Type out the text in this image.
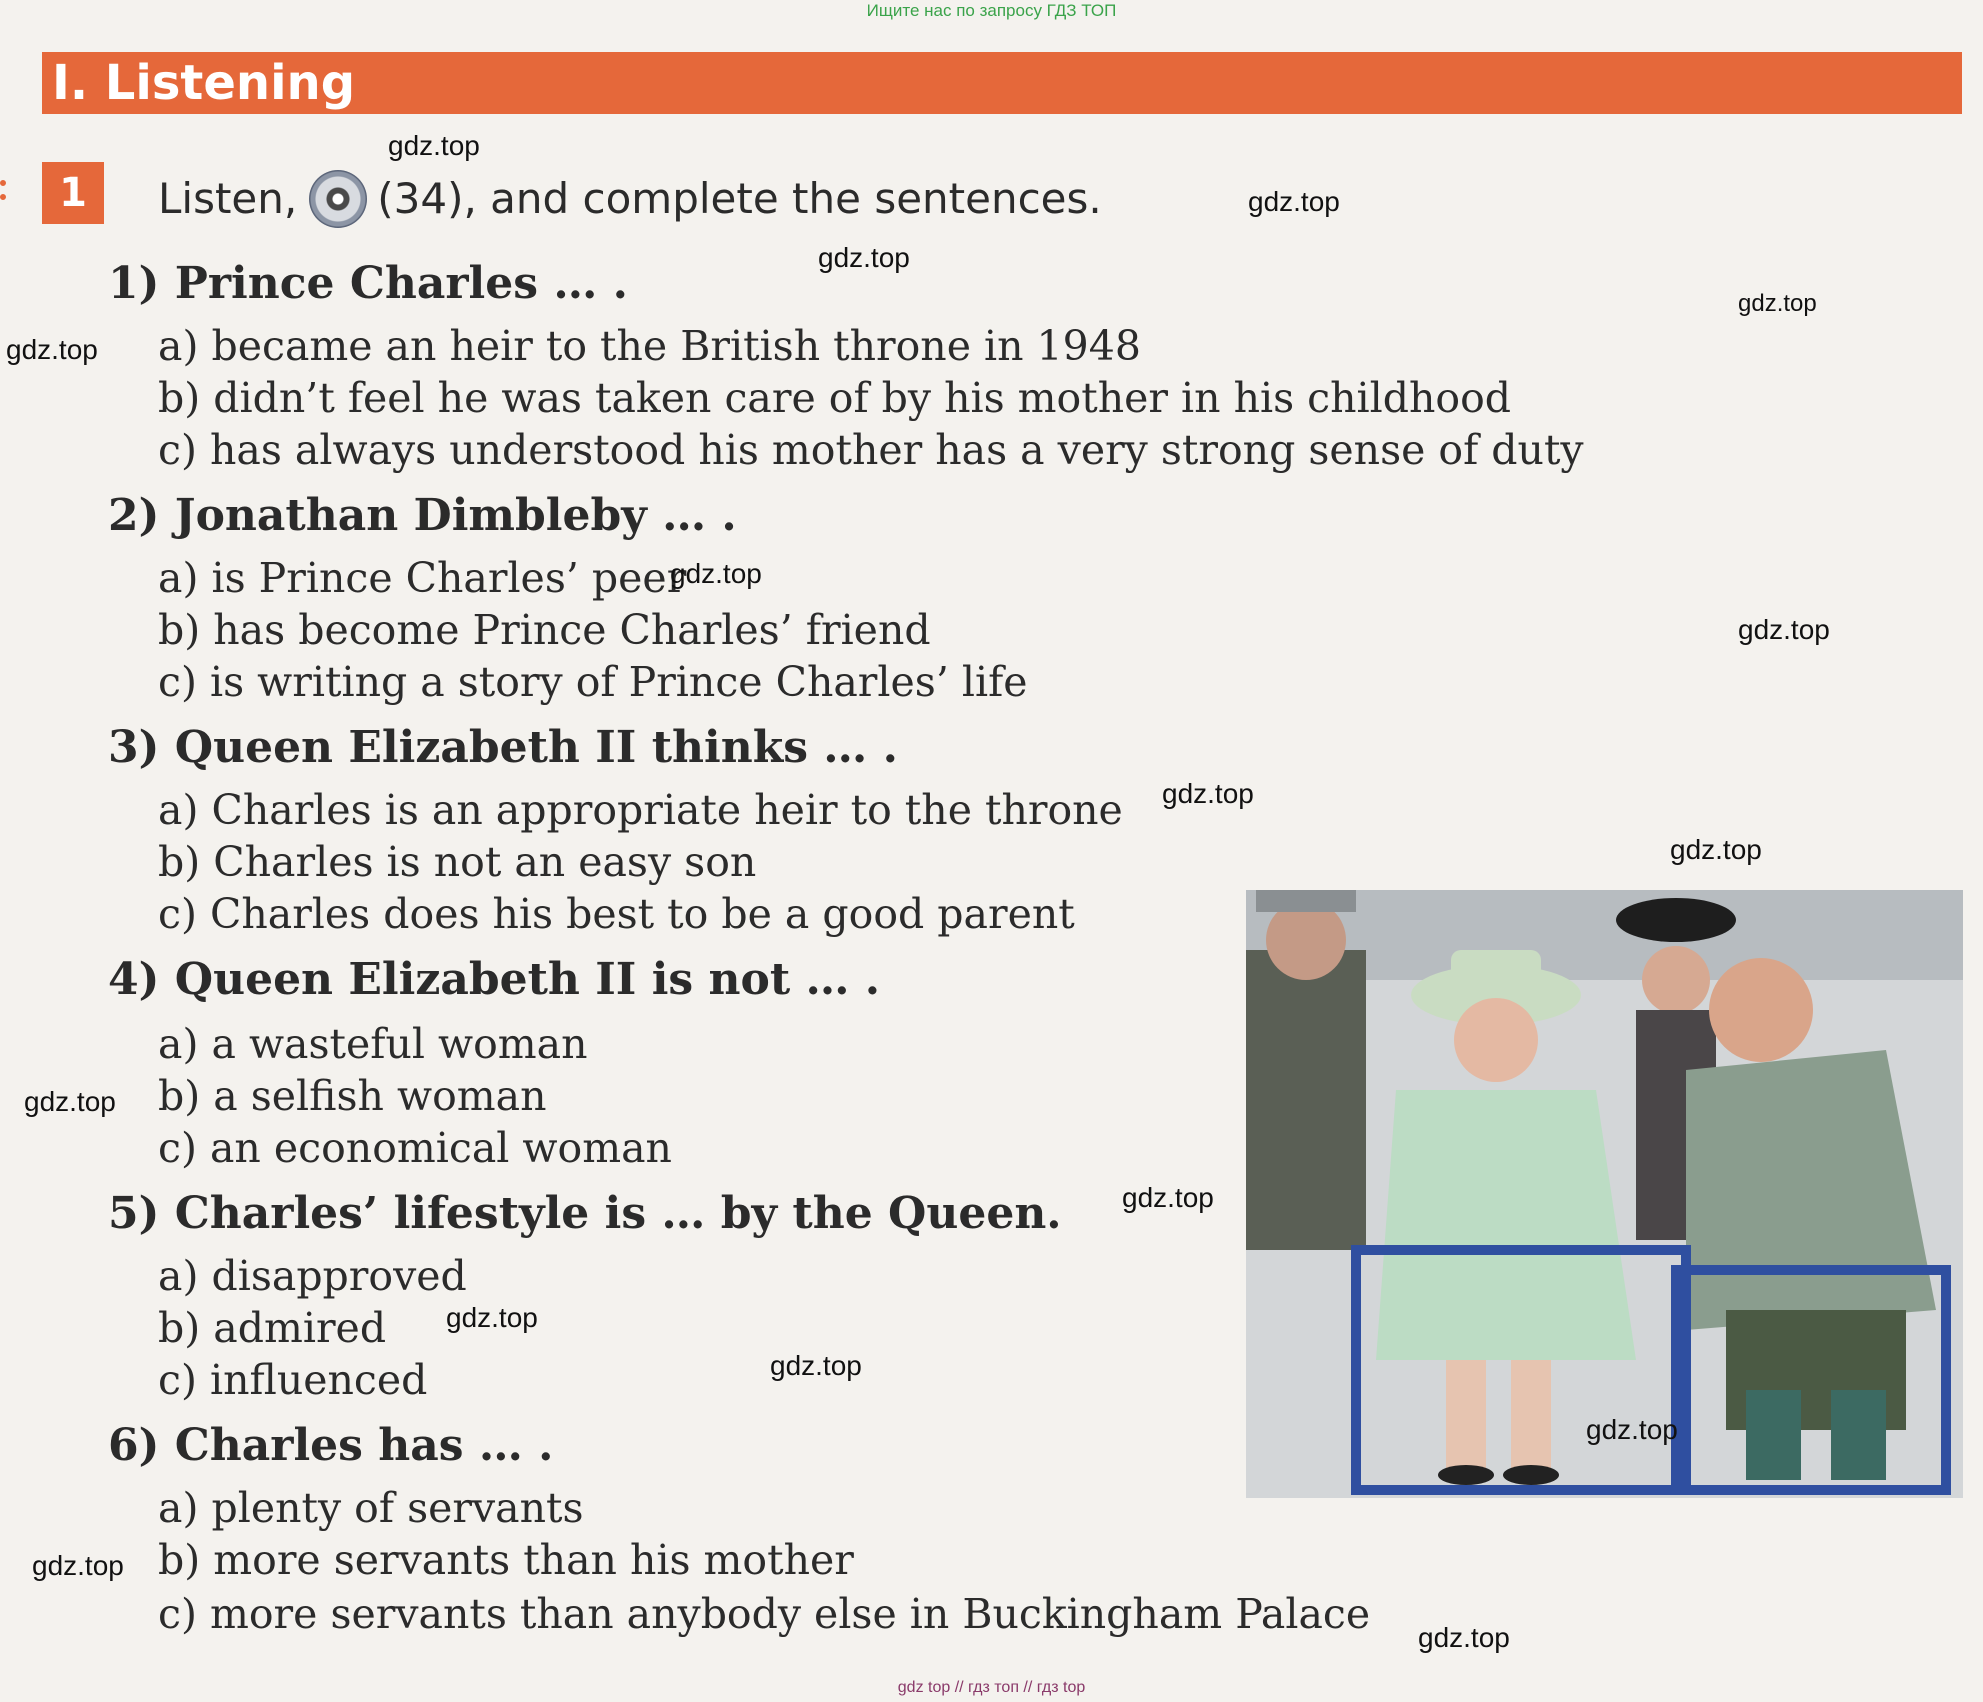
Ищите нас по запросу ГДЗ ТОП
I. Listening
1	Listen, (34), and complete the sentences.
1) Prince Charles … .
a) became an heir to the British throne in 1948
b) didn’t feel he was taken care of by his mother in his childhood
c) has always understood his mother has a very strong sense of duty
2) Jonathan Dimbleby … .
a) is Prince Charles’ peer
b) has become Prince Charles’ friend
c) is writing a story of Prince Charles’ life
3) Queen Elizabeth II thinks … .
a) Charles is an appropriate heir to the throne
b) Charles is not an easy son
c) Charles does his best to be a good parent
4) Queen Elizabeth II is not … .
a) a wasteful woman
b) a selfish woman
c) an economical woman
5) Charles’ lifestyle is … by the Queen.
a) disapproved
b) admired
c) influenced
6) Charles has … .
a) plenty of servants
b) more servants than his mother
c) more servants than anybody else in Buckingham Palace
gdz.top
gdz.top
gdz.top
gdz.top
gdz.top
gdz.top
gdz.top
gdz.top
gdz.top
gdz.top
gdz.top
gdz.top
gdz.top
gdz.top
gdz.top
gdz.top
gdz top // гдз топ // гдз top
